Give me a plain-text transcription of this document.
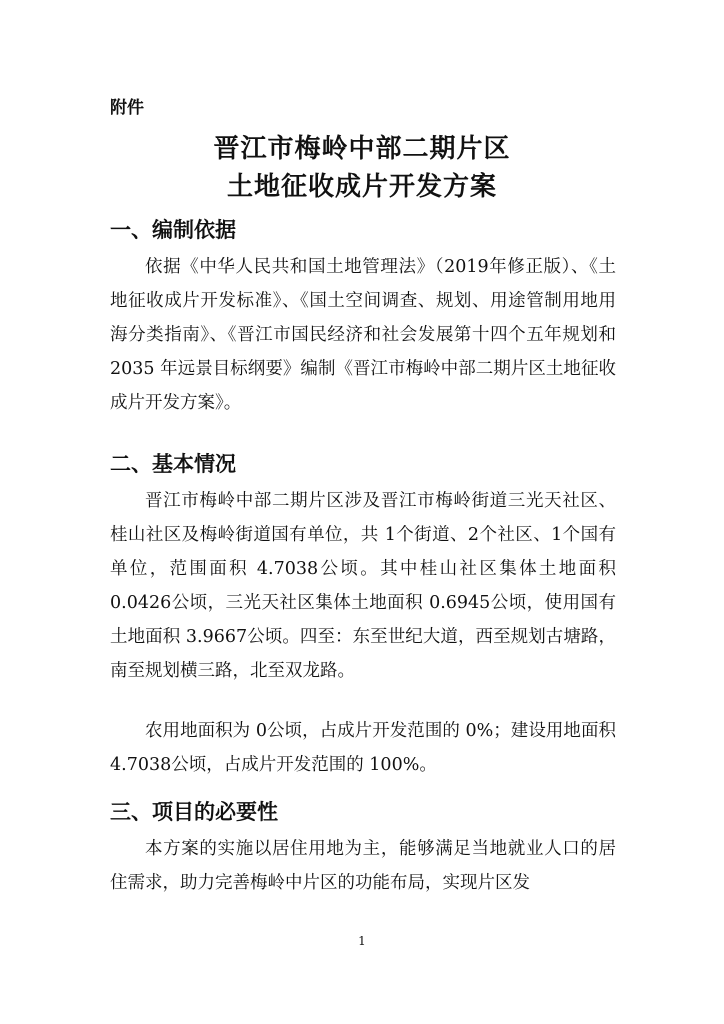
附件
晋江市梅岭中部二期片区
土地征收成片开发方案
一、编制依据

依据《中华人民共和国土地管理法》（2019年修正版）、《土地征收成片开发标准》、《国土空间调查、规划、用途管制用地用海分类指南》、《晋江市国民经济和社会发展第十四个五年规划和2035 年远景目标纲要》编制《晋江市梅岭中部二期片区土地征收成片开发方案》。

二、基本情况

晋江市梅岭中部二期片区涉及晋江市梅岭街道三光天社区、桂山社区及梅岭街道国有单位，共 1个街道、2个社区、1个国有单位，范围面积 4.7038公顷。其中桂山社区集体土地面积 0.0426公顷，三光天社区集体土地面积 0.6945公顷，使用国有土地面积 3.9667公顷。四至：东至世纪大道，西至规划古塘路，南至规划横三路，北至双龙路。

农用地面积为 0公顷，占成片开发范围的 0%；建设用地面积 4.7038公顷，占成片开发范围的 100%。

三、项目的必要性

本方案的实施以居住用地为主，能够满足当地就业人口的居住需求，助力完善梅岭中片区的功能布局，实现片区发

1
